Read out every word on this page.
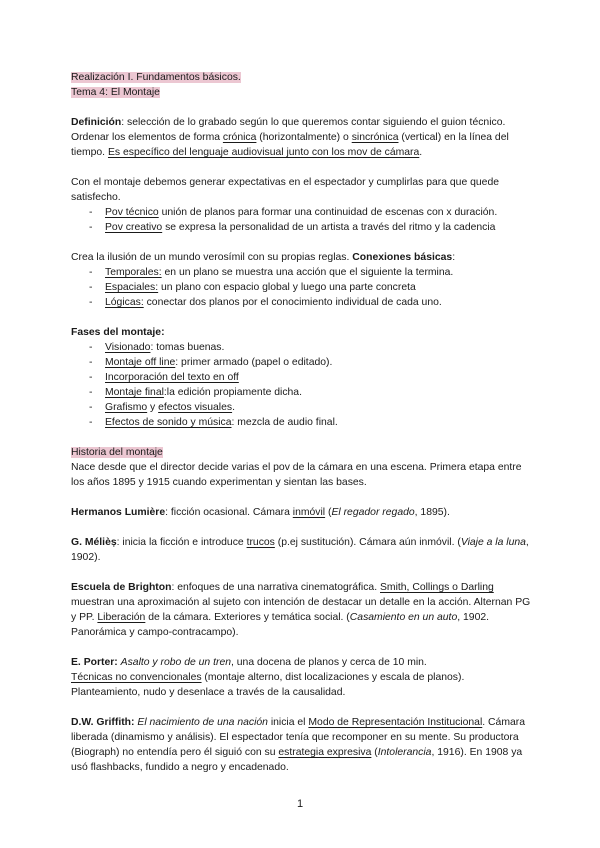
Realización I. Fundamentos básicos.

Tema 4: El Montaje

Definición: selección de lo grabado según lo que queremos contar siguiendo el guion técnico. Ordenar los elementos de forma crónica (horizontalmente) o sincrónica (vertical) en la línea del tiempo. Es específico del lenguaje audiovisual junto con los mov de cámara.

Con el montaje debemos generar expectativas en el espectador y cumplirlas para que quede satisfecho.

- Pov técnico unión de planos para formar una continuidad de escenas con x duración.
- Pov creativo se expresa la personalidad de un artista a través del ritmo y la cadencia

Crea la ilusión de un mundo verosímil con su propias reglas. Conexiones básicas:

- Temporales: en un plano se muestra una acción que el siguiente la termina.
- Espaciales: un plano con espacio global y luego una parte concreta
- Lógicas: conectar dos planos por el conocimiento individual de cada uno.

Fases del montaje:

- Visionado: tomas buenas.
- Montaje off line: primer armado (papel o editado).
- Incorporación del texto en off
- Montaje final:la edición propiamente dicha.
- Grafismo y efectos visuales.
- Efectos de sonido y música: mezcla de audio final.

Historia del montaje

Nace desde que el director decide varias el pov de la cámara en una escena. Primera etapa entre los años 1895 y 1915 cuando experimentan y sientan las bases.

Hermanos Lumière: ficción ocasional. Cámara inmóvil (El regador regado, 1895).

G. Mélièṣ: inicia la ficción e introduce trucos (p.ej sustitución). Cámara aún inmóvil. (Viaje a la luna, 1902).

Escuela de Brighton: enfoques de una narrativa cinematográfica. Smith, Collings o Darling muestran una aproximación al sujeto con intención de destacar un detalle en la acción. Alternan PG y PP. Liberación de la cámara. Exteriores y temática social. (Casamiento en un auto, 1902. Panorámica y campo-contracampo).

E. Porter: Asalto y robo de un tren, una docena de planos y cerca de 10 min.

Técnicas no convencionales (montaje alterno, dist localizaciones y escala de planos).

Planteamiento, nudo y desenlace a través de la causalidad.

D.W. Griffith: El nacimiento de una nación inicia el Modo de Representación Institucional. Cámara liberada (dinamismo y análisis). El espectador tenía que recomponer en su mente. Su productora (Biograph) no entendía pero él siguió con su estrategia expresiva (Intolerancia, 1916). En 1908 ya usó flashbacks, fundido a negro y encadenado.

1
